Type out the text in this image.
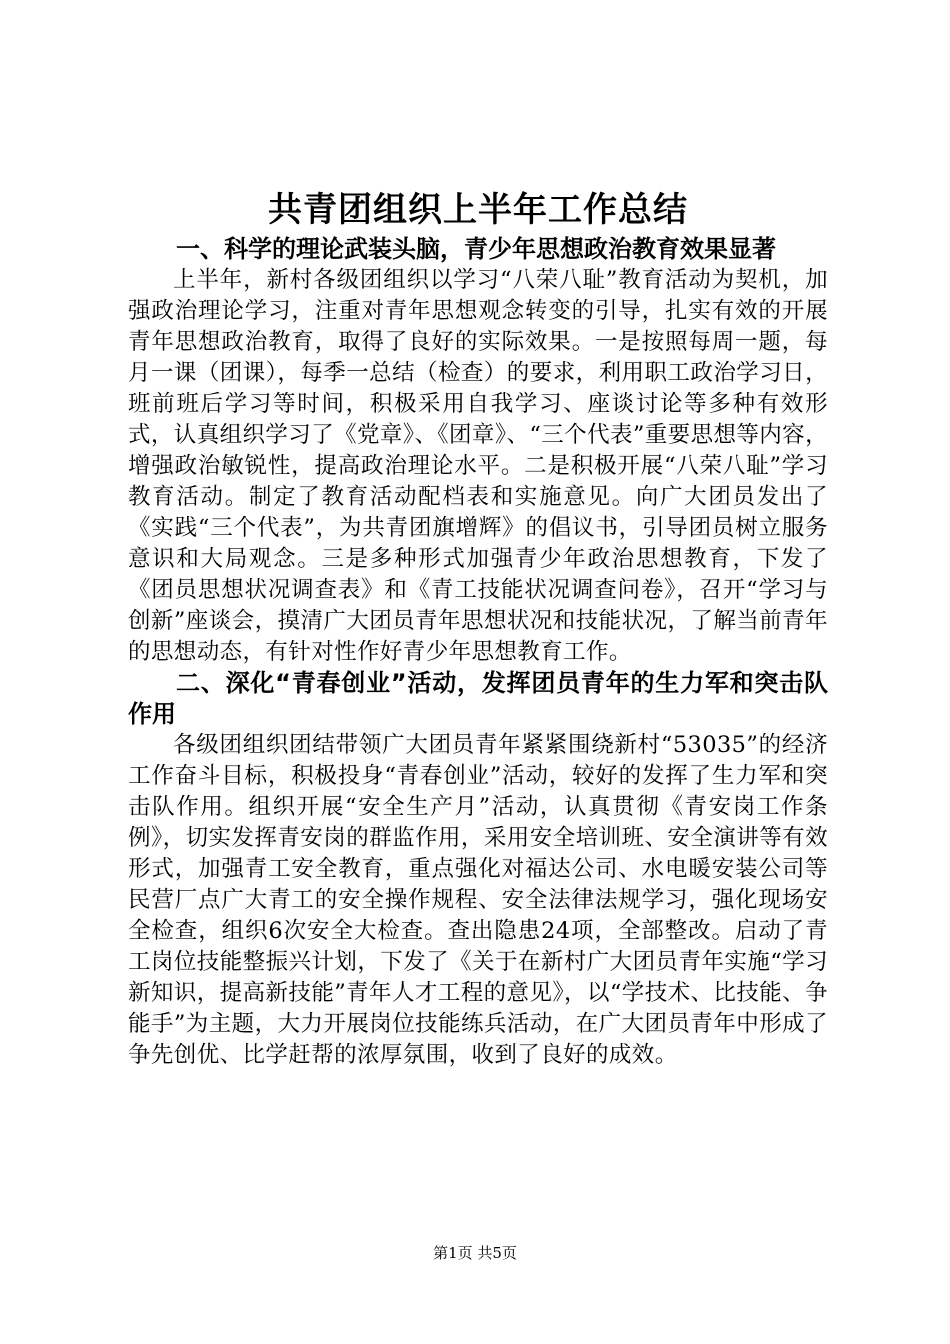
共青团组织上半年工作总结
一、科学的理论武装头脑，青少年思想政治教育效果显著

上半年，新村各级团组织以学习“八荣八耻”教育活动为契机，加强政治理论学习，注重对青年思想观念转变的引导，扎实有效的开展青年思想政治教育，取得了良好的实际效果。一是按照每周一题，每月一课（团课），每季一总结（检查）的要求，利用职工政治学习日，班前班后学习等时间，积极采用自我学习、座谈讨论等多种有效形式，认真组织学习了《党章》、《团章》、“三个代表”重要思想等内容，增强政治敏锐性，提高政治理论水平。二是积极开展“八荣八耻”学习教育活动。制定了教育活动配档表和实施意见。向广大团员发出了《实践“三个代表”，为共青团旗增辉》的倡议书，引导团员树立服务意识和大局观念。三是多种形式加强青少年政治思想教育，下发了《团员思想状况调查表》和《青工技能状况调查问卷》，召开“学习与创新”座谈会，摸清广大团员青年思想状况和技能状况，了解当前青年的思想动态，有针对性作好青少年思想教育工作。

二、深化“青春创业”活动，发挥团员青年的生力军和突击队作用

各级团组织团结带领广大团员青年紧紧围绕新村“53035”的经济工作奋斗目标，积极投身“青春创业”活动，较好的发挥了生力军和突击队作用。组织开展“安全生产月”活动，认真贯彻《青安岗工作条例》，切实发挥青安岗的群监作用，采用安全培训班、安全演讲等有效形式，加强青工安全教育，重点强化对福达公司、水电暖安装公司等民营厂点广大青工的安全操作规程、安全法律法规学习，强化现场安全检查，组织6次安全大检查。查出隐患24项，全部整改。启动了青工岗位技能整振兴计划，下发了《关于在新村广大团员青年实施“学习新知识，提高新技能”青年人才工程的意见》，以“学技术、比技能、争能手”为主题，大力开展岗位技能练兵活动，在广大团员青年中形成了争先创优、比学赶帮的浓厚氛围，收到了良好的成效。

第1页 共5页
